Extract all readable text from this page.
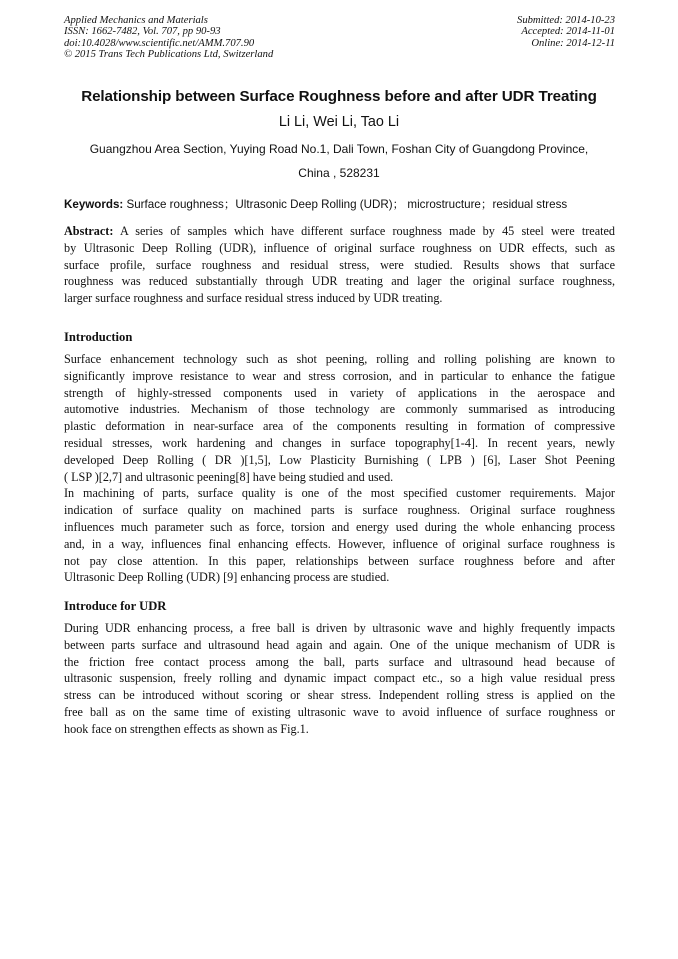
Applied Mechanics and Materials
ISSN: 1662-7482, Vol. 707, pp 90-93
doi:10.4028/www.scientific.net/AMM.707.90
© 2015 Trans Tech Publications Ltd, Switzerland
Submitted: 2014-10-23
Accepted: 2014-11-01
Online: 2014-12-11
Relationship between Surface Roughness before and after UDR Treating
Li Li, Wei Li, Tao Li
Guangzhou Area Section, Yuying Road No.1, Dali Town, Foshan City of Guangdong Province,
China , 528231
Keywords: Surface roughness；Ultrasonic Deep Rolling (UDR)； microstructure；residual stress
Abstract: A series of samples which have different surface roughness made by 45 steel were treated
by Ultrasonic Deep Rolling (UDR), influence of original surface roughness on UDR effects, such as
surface profile, surface roughness and residual stress, were studied. Results shows that surface
roughness was reduced substantially through UDR treating and lager the original surface roughness,
larger surface roughness and surface residual stress induced by UDR treating.
Introduction
Surface enhancement technology such as shot peening, rolling and rolling polishing are known to
significantly improve resistance to wear and stress corrosion, and in particular to enhance the fatigue
strength of highly-stressed components used in variety of applications in the aerospace and
automotive industries. Mechanism of those technology are commonly summarised as introducing
plastic deformation in near-surface area of the components resulting in formation of compressive
residual stresses, work hardening and changes in surface topography[1-4]. In recent years, newly
developed Deep Rolling ( DR )[1,5], Low Plasticity Burnishing ( LPB ) [6], Laser Shot Peening
( LSP )[2,7] and ultrasonic peening[8] have being studied and used.
In machining of parts, surface quality is one of the most specified customer requirements. Major
indication of surface quality on machined parts is surface roughness. Original surface roughness
influences much parameter such as force, torsion and energy used during the whole enhancing process
and, in a way, influences final enhancing effects. However, influence of original surface roughness is
not pay close attention. In this paper, relationships between surface roughness before and after
Ultrasonic Deep Rolling (UDR) [9] enhancing process are studied.
Introduce for UDR
During UDR enhancing process, a free ball is driven by ultrasonic wave and highly frequently impacts
between parts surface and ultrasound head again and again. One of the unique mechanism of UDR is
the friction free contact process among the ball, parts surface and ultrasound head because of
ultrasonic suspension, freely rolling and dynamic impact compact etc., so a high value residual press
stress can be introduced without scoring or shear stress. Independent rolling stress is applied on the
free ball as on the same time of existing ultrasonic wave to avoid influence of surface roughness or
hook face on strengthen effects as shown as Fig.1.
